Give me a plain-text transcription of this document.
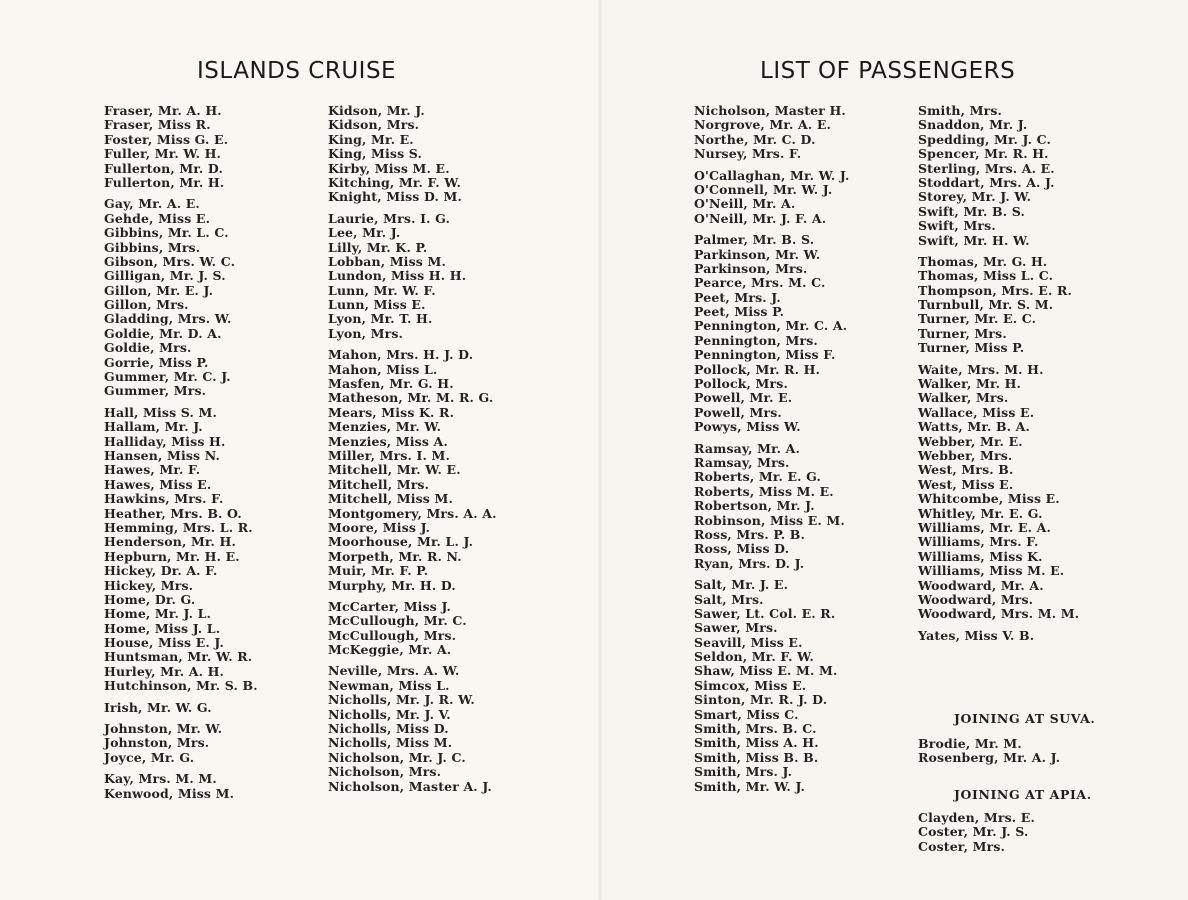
ISLANDS CRUISE	LIST OF PASSENGERS
Fraser, Mr. A. H.
Fraser, Miss R.
Foster, Miss G. E.
Fuller, Mr. W. H.
Fullerton, Mr. D.
Fullerton, Mr. H.
Gay, Mr. A. E.
Gehde, Miss E.
Gibbins, Mr. L. C.
Gibbins, Mrs.
Gibson, Mrs. W. C.
Gilligan, Mr. J. S.
Gillon, Mr. E. J.
Gillon, Mrs.
Gladding, Mrs. W.
Goldie, Mr. D. A.
Goldie, Mrs.
Gorrie, Miss P.
Gummer, Mr. C. J.
Gummer, Mrs.
Hall, Miss S. M.
Hallam, Mr. J.
Halliday, Miss H.
Hansen, Miss N.
Hawes, Mr. F.
Hawes, Miss E.
Hawkins, Mrs. F.
Heather, Mrs. B. O.
Hemming, Mrs. L. R.
Henderson, Mr. H.
Hepburn, Mr. H. E.
Hickey, Dr. A. F.
Hickey, Mrs.
Home, Dr. G.
Home, Mr. J. L.
Home, Miss J. L.
House, Miss E. J.
Huntsman, Mr. W. R.
Hurley, Mr. A. H.
Hutchinson, Mr. S. B.
Irish, Mr. W. G.
Johnston, Mr. W.
Johnston, Mrs.
Joyce, Mr. G.
Kay, Mrs. M. M.
Kenwood, Miss M.
Kidson, Mr. J.
Kidson, Mrs.
King, Mr. E.
King, Miss S.
Kirby, Miss M. E.
Kitching, Mr. F. W.
Knight, Miss D. M.
Laurie, Mrs. I. G.
Lee, Mr. J.
Lilly, Mr. K. P.
Lobban, Miss M.
Lundon, Miss H. H.
Lunn, Mr. W. F.
Lunn, Miss E.
Lyon, Mr. T. H.
Lyon, Mrs.
Mahon, Mrs. H. J. D.
Mahon, Miss L.
Masfen, Mr. G. H.
Matheson, Mr. M. R. G.
Mears, Miss K. R.
Menzies, Mr. W.
Menzies, Miss A.
Miller, Mrs. I. M.
Mitchell, Mr. W. E.
Mitchell, Mrs.
Mitchell, Miss M.
Montgomery, Mrs. A. A.
Moore, Miss J.
Moorhouse, Mr. L. J.
Morpeth, Mr. R. N.
Muir, Mr. F. P.
Murphy, Mr. H. D.
McCarter, Miss J.
McCullough, Mr. C.
McCullough, Mrs.
McKeggie, Mr. A.
Neville, Mrs. A. W.
Newman, Miss L.
Nicholls, Mr. J. R. W.
Nicholls, Mr. J. V.
Nicholls, Miss D.
Nicholls, Miss M.
Nicholson, Mr. J. C.
Nicholson, Mrs.
Nicholson, Master A. J.
Nicholson, Master H.
Norgrove, Mr. A. E.
Northe, Mr. C. D.
Nursey, Mrs. F.
O'Callaghan, Mr. W. J.
O'Connell, Mr. W. J.
O'Neill, Mr. A.
O'Neill, Mr. J. F. A.
Palmer, Mr. B. S.
Parkinson, Mr. W.
Parkinson, Mrs.
Pearce, Mrs. M. C.
Peet, Mrs. J.
Peet, Miss P.
Pennington, Mr. C. A.
Pennington, Mrs.
Pennington, Miss F.
Pollock, Mr. R. H.
Pollock, Mrs.
Powell, Mr. E.
Powell, Mrs.
Powys, Miss W.
Ramsay, Mr. A.
Ramsay, Mrs.
Roberts, Mr. E. G.
Roberts, Miss M. E.
Robertson, Mr. J.
Robinson, Miss E. M.
Ross, Mrs. P. B.
Ross, Miss D.
Ryan, Mrs. D. J.
Salt, Mr. J. E.
Salt, Mrs.
Sawer, Lt. Col. E. R.
Sawer, Mrs.
Seavill, Miss E.
Seldon, Mr. F. W.
Shaw, Miss E. M. M.
Simcox, Miss E.
Sinton, Mr. R. J. D.
Smart, Miss C.
Smith, Mrs. B. C.
Smith, Miss A. H.
Smith, Miss B. B.
Smith, Mrs. J.
Smith, Mr. W. J.
Smith, Mrs.
Snaddon, Mr. J.
Spedding, Mr. J. C.
Spencer, Mr. R. H.
Sterling, Mrs. A. E.
Stoddart, Mrs. A. J.
Storey, Mr. J. W.
Swift, Mr. B. S.
Swift, Mrs.
Swift, Mr. H. W.
Thomas, Mr. G. H.
Thomas, Miss L. C.
Thompson, Mrs. E. R.
Turnbull, Mr. S. M.
Turner, Mr. E. C.
Turner, Mrs.
Turner, Miss P.
Waite, Mrs. M. H.
Walker, Mr. H.
Walker, Mrs.
Wallace, Miss E.
Watts, Mr. B. A.
Webber, Mr. E.
Webber, Mrs.
West, Mrs. B.
West, Miss E.
Whitcombe, Miss E.
Whitley, Mr. E. G.
Williams, Mr. E. A.
Williams, Mrs. F.
Williams, Miss K.
Williams, Miss M. E.
Woodward, Mr. A.
Woodward, Mrs.
Woodward, Mrs. M. M.
Yates, Miss V. B.
JOINING AT SUVA.
Brodie, Mr. M.
Rosenberg, Mr. A. J.
JOINING AT APIA.
Clayden, Mrs. E.
Coster, Mr. J. S.
Coster, Mrs.
